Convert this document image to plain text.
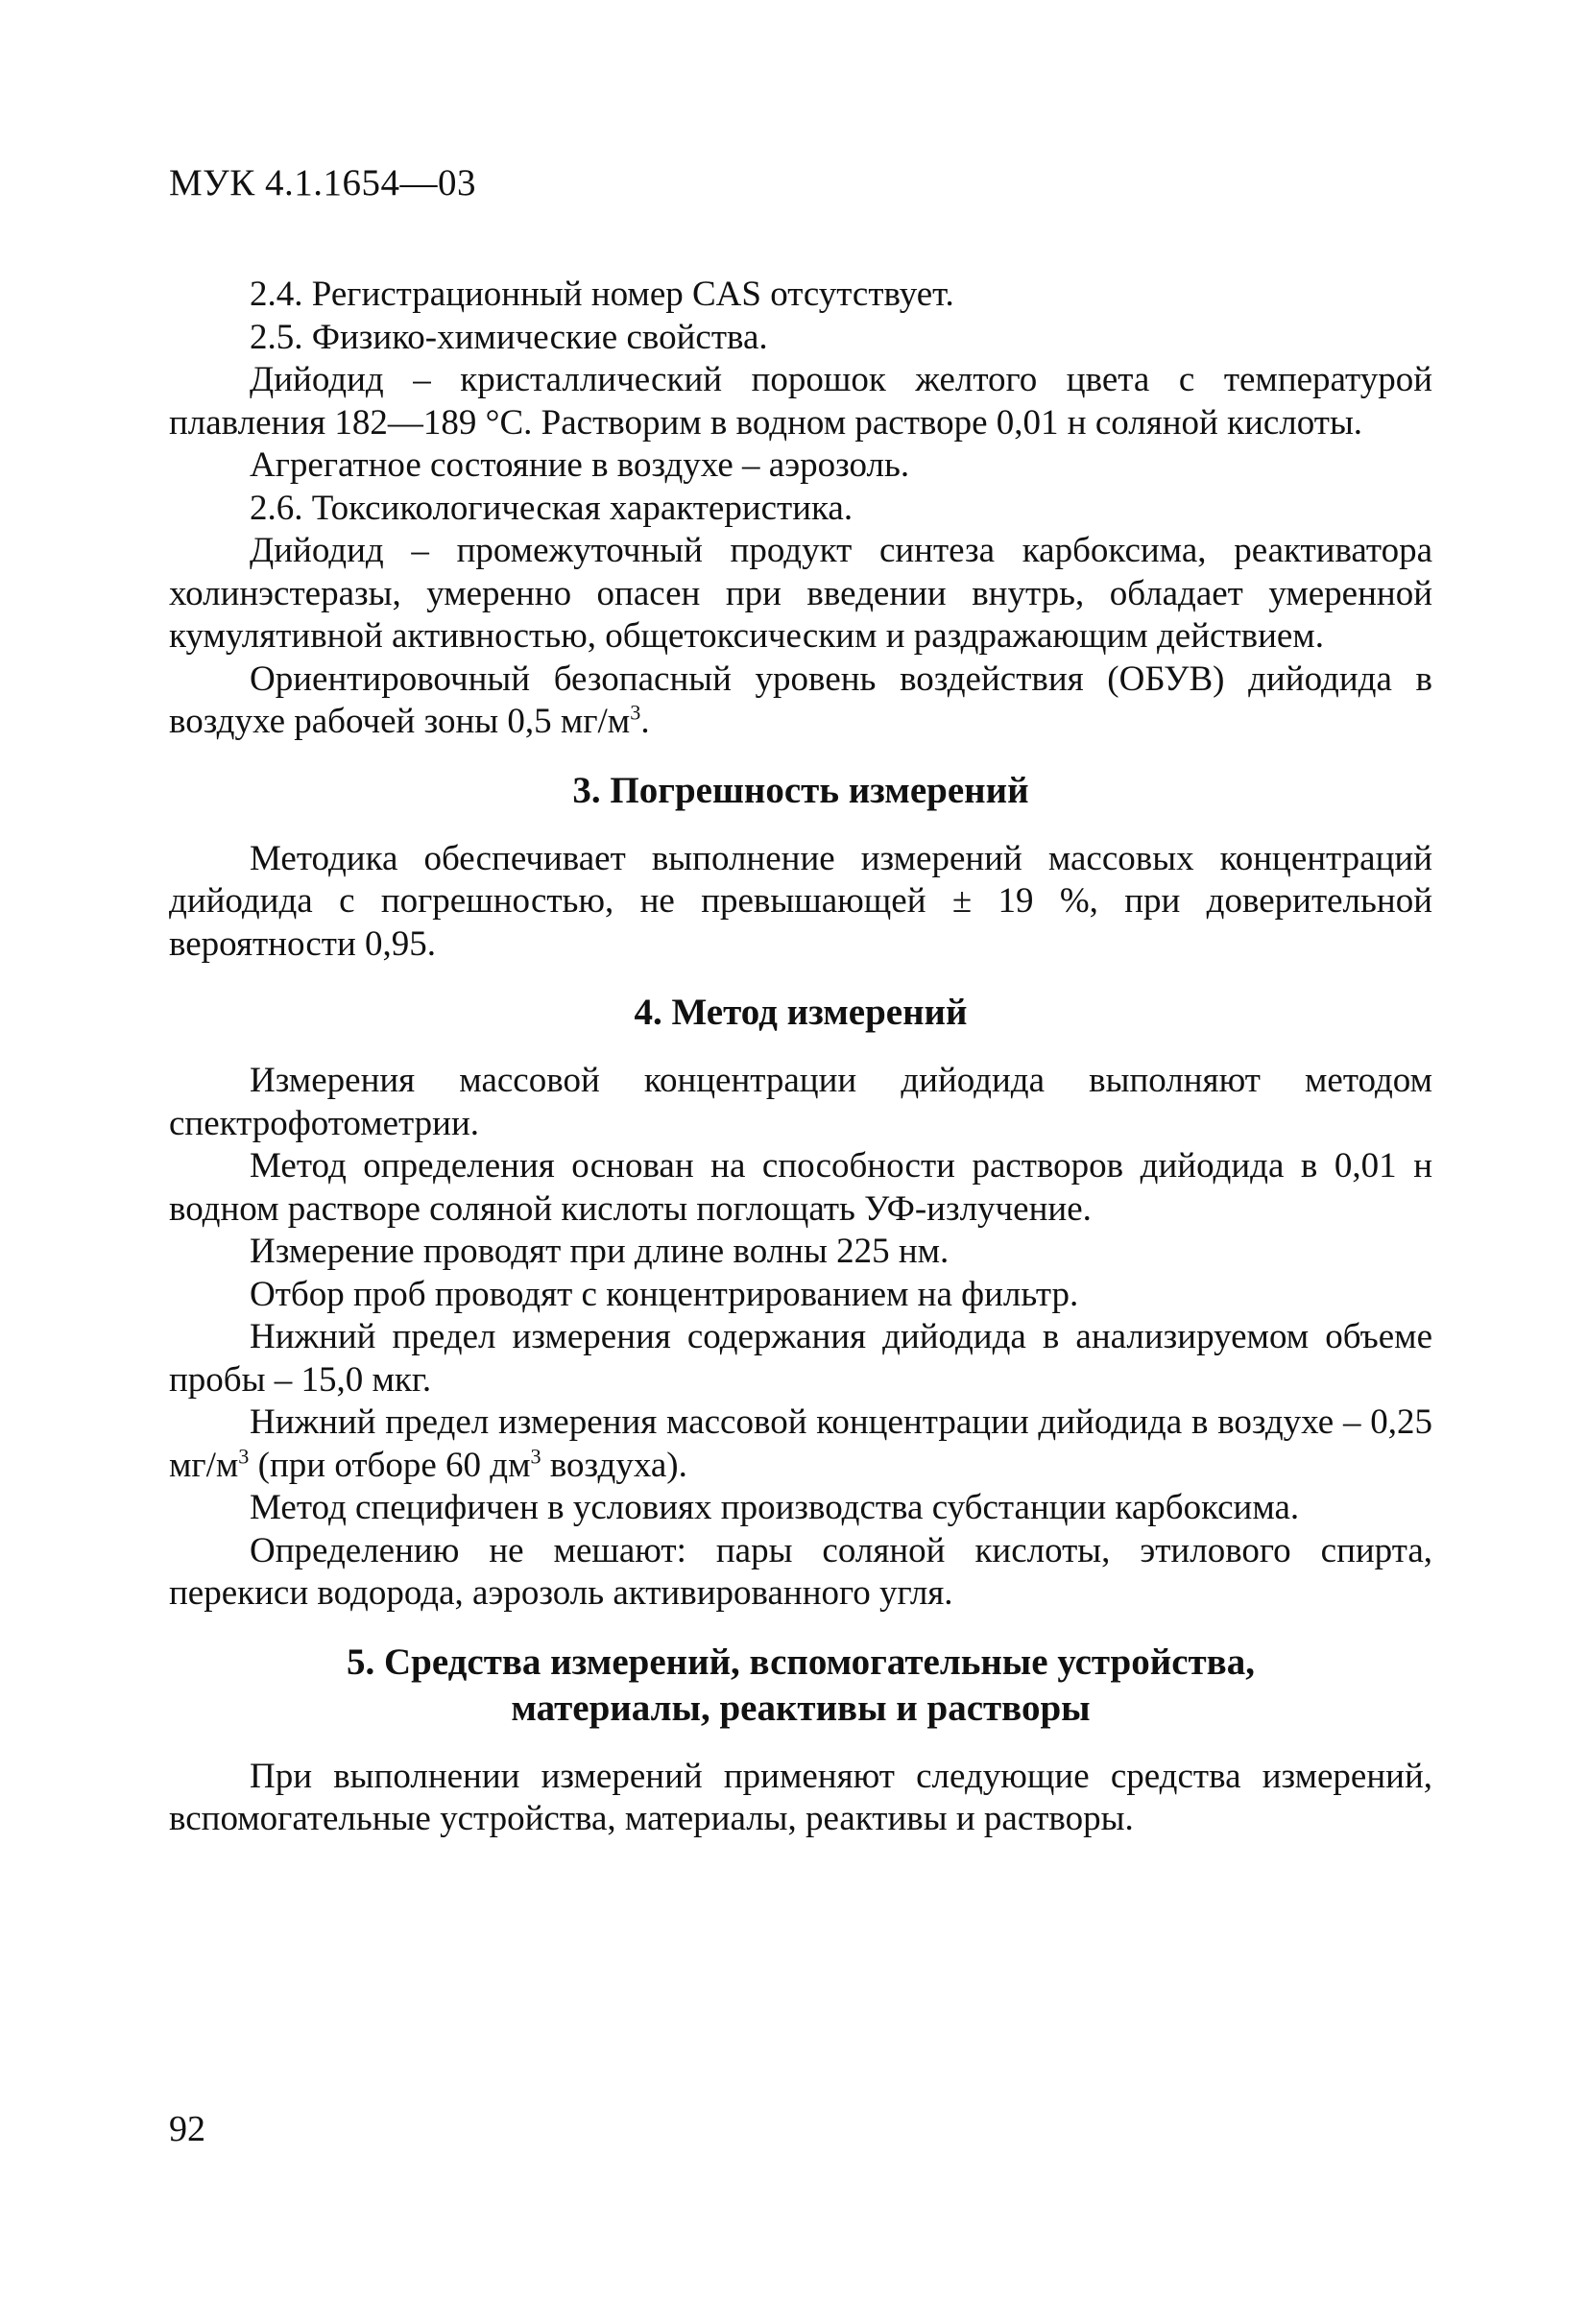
МУК 4.1.1654—03

2.4. Регистрационный номер CAS отсутствует.

2.5. Физико-химические свойства.

Дийодид – кристаллический порошок желтого цвета с температурой плавления 182—189 °С. Растворим в водном растворе 0,01 н соляной кислоты.

Агрегатное состояние в воздухе – аэрозоль.

2.6. Токсикологическая характеристика.

Дийодид – промежуточный продукт синтеза карбоксима, реактиватора холинэстеразы, умеренно опасен при введении внутрь, обладает умеренной кумулятивной активностью, общетоксическим и раздражающим действием.

Ориентировочный безопасный уровень воздействия (ОБУВ) дийодида в воздухе рабочей зоны 0,5 $мг/м^3$.

3. Погрешность измерений

Методика обеспечивает выполнение измерений массовых концентраций дийодида с погрешностью, не превышающей ± 19 %, при доверительной вероятности 0,95.

4. Метод измерений

Измерения массовой концентрации дийодида выполняют методом спектрофотометрии.

Метод определения основан на способности растворов дийодида в 0,01 н водном растворе соляной кислоты поглощать УФ-излучение.

Измерение проводят при длине волны 225 нм.

Отбор проб проводят с концентрированием на фильтр.

Нижний предел измерения содержания дийодида в анализируемом объеме пробы – 15,0 мкг.

Нижний предел измерения массовой концентрации дийодида в воздухе – 0,25 $мг/м^3$ (при отборе 60 $дм^3$ воздуха).

Метод специфичен в условиях производства субстанции карбоксима.

Определению не мешают: пары соляной кислоты, этилового спирта, перекиси водорода, аэрозоль активированного угля.

5. Средства измерений, вспомогательные устройства,
материалы, реактивы и растворы

При выполнении измерений применяют следующие средства измерений, вспомогательные устройства, материалы, реактивы и растворы.

92
